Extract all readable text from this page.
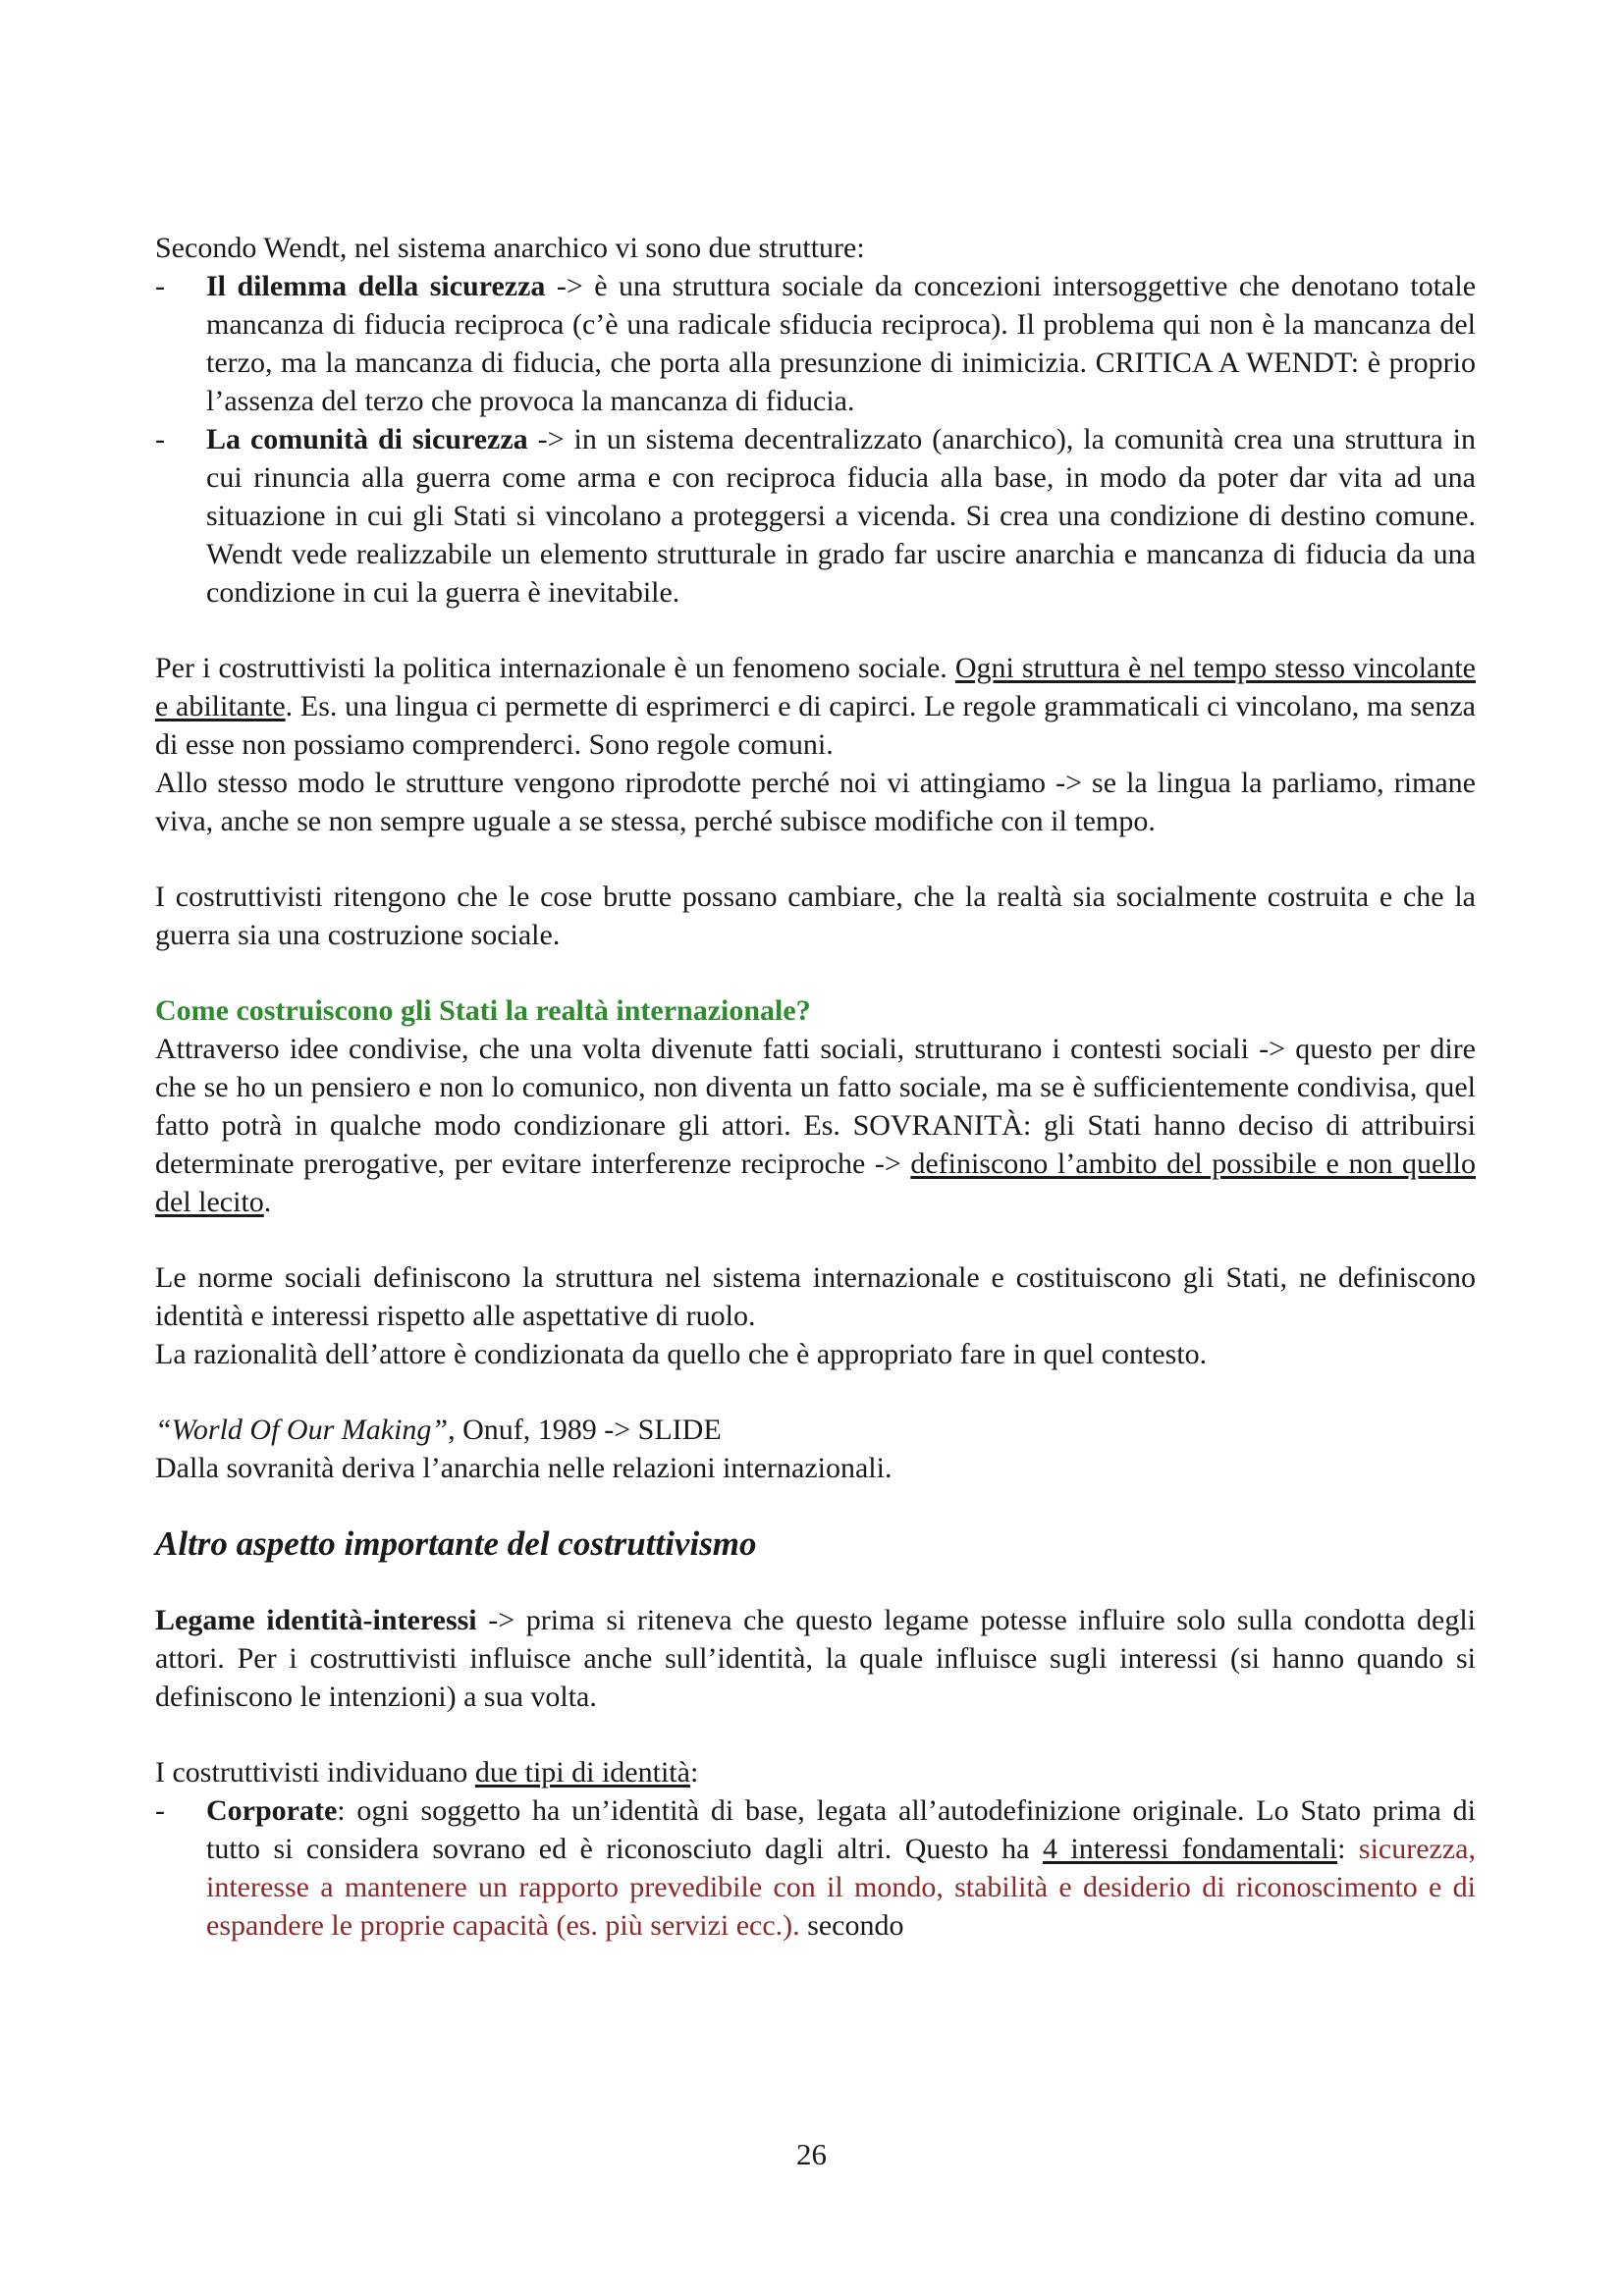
Secondo Wendt, nel sistema anarchico vi sono due strutture:

- Il dilemma della sicurezza -> è una struttura sociale da concezioni intersoggettive che denotano totale mancanza di fiducia reciproca (c’è una radicale sfiducia reciproca). Il problema qui non è la mancanza del terzo, ma la mancanza di fiducia, che porta alla presunzione di inimicizia. CRITICA A WENDT: è proprio l’assenza del terzo che provoca la mancanza di fiducia.
- La comunità di sicurezza -> in un sistema decentralizzato (anarchico), la comunità crea una struttura in cui rinuncia alla guerra come arma e con reciproca fiducia alla base, in modo da poter dar vita ad una situazione in cui gli Stati si vincolano a proteggersi a vicenda. Si crea una condizione di destino comune. Wendt vede realizzabile un elemento strutturale in grado far uscire anarchia e mancanza di fiducia da una condizione in cui la guerra è inevitabile.

Per i costruttivisti la politica internazionale è un fenomeno sociale. Ogni struttura è nel tempo stesso vincolante e abilitante. Es. una lingua ci permette di esprimerci e di capirci. Le regole grammaticali ci vincolano, ma senza di esse non possiamo comprenderci. Sono regole comuni.

Allo stesso modo le strutture vengono riprodotte perché noi vi attingiamo -> se la lingua la parliamo, rimane viva, anche se non sempre uguale a se stessa, perché subisce modifiche con il tempo.

I costruttivisti ritengono che le cose brutte possano cambiare, che la realtà sia socialmente costruita e che la guerra sia una costruzione sociale.

Come costruiscono gli Stati la realtà internazionale?

Attraverso idee condivise, che una volta divenute fatti sociali, strutturano i contesti sociali -> questo per dire che se ho un pensiero e non lo comunico, non diventa un fatto sociale, ma se è sufficientemente condivisa, quel fatto potrà in qualche modo condizionare gli attori. Es. SOVRANITÀ: gli Stati hanno deciso di attribuirsi determinate prerogative, per evitare interferenze reciproche -> definiscono l’ambito del possibile e non quello del lecito.

Le norme sociali definiscono la struttura nel sistema internazionale e costituiscono gli Stati, ne definiscono identità e interessi rispetto alle aspettative di ruolo.

La razionalità dell’attore è condizionata da quello che è appropriato fare in quel contesto.

“World Of Our Making”, Onuf, 1989 -> SLIDE

Dalla sovranità deriva l’anarchia nelle relazioni internazionali.

Altro aspetto importante del costruttivismo

Legame identità-interessi -> prima si riteneva che questo legame potesse influire solo sulla condotta degli attori. Per i costruttivisti influisce anche sull’identità, la quale influisce sugli interessi (si hanno quando si definiscono le intenzioni) a sua volta.

I costruttivisti individuano due tipi di identità:

- Corporate: ogni soggetto ha un’identità di base, legata all’autodefinizione originale. Lo Stato prima di tutto si considera sovrano ed è riconosciuto dagli altri. Questo ha 4 interessi fondamentali: sicurezza, interesse a mantenere un rapporto prevedibile con il mondo, stabilità e desiderio di riconoscimento e di espandere le proprie capacità (es. più servizi ecc.). secondo
26
